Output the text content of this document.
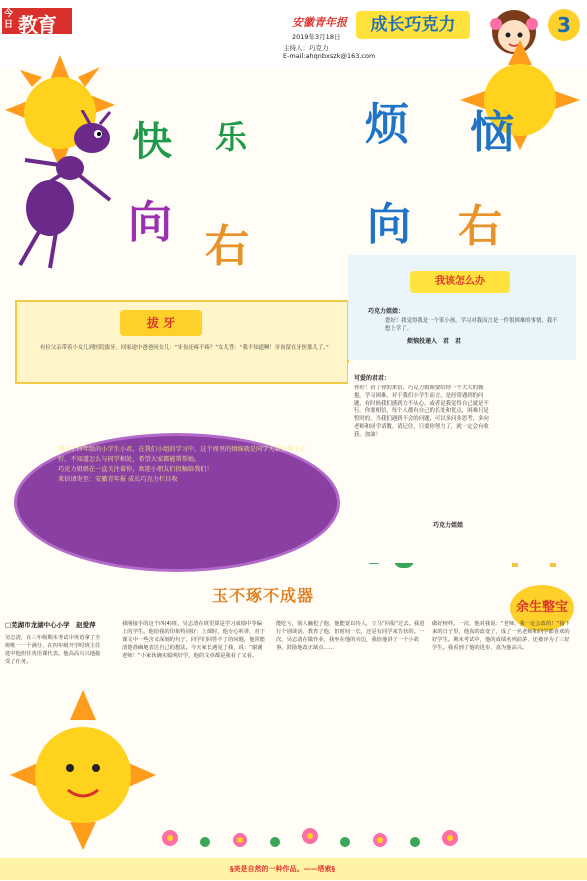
今日 教育	安徽青年报
2019年3月18日
主持人：巧克力
E-mail:ahqnbxszk@163.com
成长巧克力	3
快 乐
向 右
烦 恼
向 右
拔 牙
有位父亲带着小女儿到医院拔牙。回家途中爸爸问女儿：“牙齿还疼不疼？”女儿答：“我不知道啊！牙齿留在牙医那儿了。”
我该怎么办
巧克力姐姐：
您好！我觉得我是一个笨小孩，学习对我而言是一件很困难的事情，我不想上学了。
烦恼投递人　君　君
可爱的君君：
你好！看了你的来信，巧克力姐姐要给你一个大大的拥抱。学习困难，对于我们小学生而言，是经常遇到的问题，有时候我们感到力不从心，或者是我觉得自己就是不行。你要相信，每个人都有自己的长处和优点，困难只是暂时的。当我们遇到不会的问题，可以多问多思考，多向老师和同学请教。请记住，只要你努力了，就一定会有收获。加油！
巧克力姐姐
刚升了四年级的小学生小君，在我们小组的学习中，这个周里的烦恼就是同学关系好像不太好，不知道怎么与同学相处，希望大家都能帮帮她。
巧克力姐姐在一直关注着你，欢迎小朋友们投稿给我们！
来信请寄至：安徽青年报 成长巧克力栏目收
玉不琢不成器
余生整宝
□芜湖市龙湖中心小学　赵爱萍
吴志清，在三年级期末考试中英语拿了全班唯一一个满分，在四年级开学时班主任选中他担任英语课代表。他高高兴兴地接受了任务。
我刚接手的这个四(4)班，吴志清在班里算是学习成绩中等偏上的学生。他给我的印象特别好：上课时，他专心听讲，对于课文中一些含义深刻的句子，同学们回答不了的问题，他常能清楚准确地表达自己的想法。今天家长遇见了我，说：“谢谢老师！”小家伙确实聪明好学，他的文章都是我看了又看。
能吃亏，别人触犯了他，他能宽以待人，立马“回报”过去。我进行个别谈话，教育了他，但时间一长，还是有同学来告状的。一次，吴志清在做作业，我坐在他的旁边，我给他讲了一个小故事，鼓励他改正缺点……
做好榜样。一次，他对我说：“老师，我一定会改的！”接下来的日子里，他真的改变了，成了一名老师和同学都喜欢的好学生。期末考试中，他的成绩名列前茅，还被评为了三好学生。我看到了他的进步，真为他高兴。
§美是自然的一种作品。——塔索§
